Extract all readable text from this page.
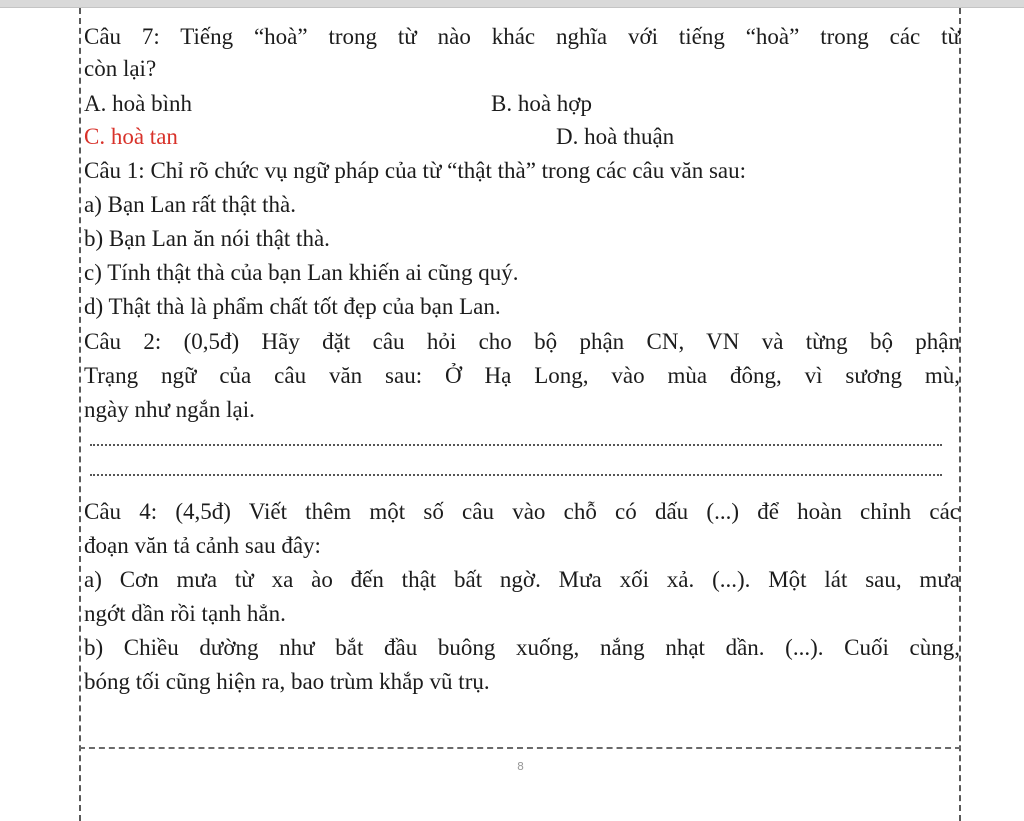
Câu 7: Tiếng “hoà” trong từ nào khác nghĩa với tiếng “hoà” trong các từ
còn lại?
A. hoà bình	B. hoà hợp
C. hoà tan	D. hoà thuận
Câu 1: Chỉ rõ chức vụ ngữ pháp của từ “thật thà” trong các câu văn sau:
a) Bạn Lan rất thật thà.
b) Bạn Lan ăn nói thật thà.
c) Tính thật thà của bạn Lan khiến ai cũng quý.
d) Thật thà là phẩm chất tốt đẹp của bạn Lan.
Câu 2: (0,5đ) Hãy đặt câu hỏi cho bộ phận CN, VN và từng bộ phận
Trạng ngữ của câu văn sau: Ở Hạ Long, vào mùa đông, vì sương mù,
ngày như ngắn lại.
Câu 4: (4,5đ) Viết thêm một số câu vào chỗ có dấu (...) để hoàn chỉnh các
đoạn văn tả cảnh sau đây:
a) Cơn mưa từ xa ào đến thật bất ngờ. Mưa xối xả. (...). Một lát sau, mưa
ngớt dần rồi tạnh hẳn.
b) Chiều dường như bắt đầu buông xuống, nắng nhạt dần. (...). Cuối cùng,
bóng tối cũng hiện ra, bao trùm khắp vũ trụ.
8
